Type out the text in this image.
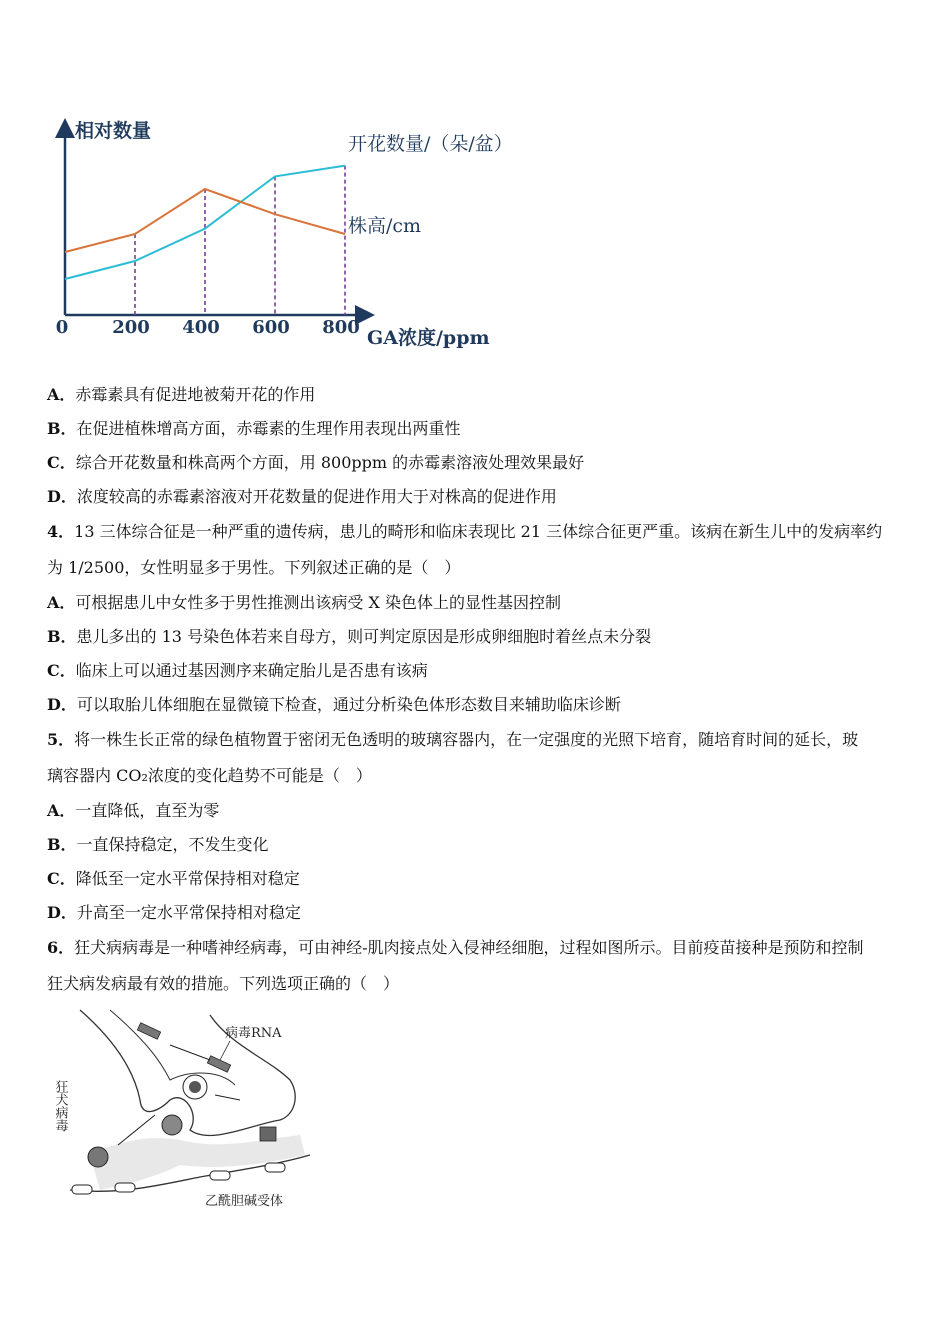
相对数量
GA浓度/ppm
0 200 400 600 800
开花数量/（朵/盆）
株高/cm
A．赤霉素具有促进地被菊开花的作用
B．在促进植株增高方面，赤霉素的生理作用表现出两重性
C．综合开花数量和株高两个方面，用 800ppm 的赤霉素溶液处理效果最好
D．浓度较高的赤霉素溶液对开花数量的促进作用大于对株高的促进作用
4．13 三体综合征是一种严重的遗传病，患儿的畸形和临床表现比 21 三体综合征更严重。该病在新生儿中的发病率约
为 1/2500，女性明显多于男性。下列叙述正确的是（　）
A．可根据患儿中女性多于男性推测出该病受 X 染色体上的显性基因控制
B．患儿多出的 13 号染色体若来自母方，则可判定原因是形成卵细胞时着丝点未分裂
C．临床上可以通过基因测序来确定胎儿是否患有该病
D．可以取胎儿体细胞在显微镜下检查，通过分析染色体形态数目来辅助临床诊断
5．将一株生长正常的绿色植物置于密闭无色透明的玻璃容器内，在一定强度的光照下培育，随培育时间的延长，玻
璃容器内 CO₂浓度的变化趋势不可能是（　）
A．一直降低，直至为零
B．一直保持稳定，不发生变化
C．降低至一定水平常保持相对稳定
D．升高至一定水平常保持相对稳定
6．狂犬病病毒是一种嗜神经病毒，可由神经-肌肉接点处入侵神经细胞，过程如图所示。目前疫苗接种是预防和控制
狂犬病发病最有效的措施。下列选项正确的（　）
病毒RNA
狂犬病毒
乙酰胆碱受体
